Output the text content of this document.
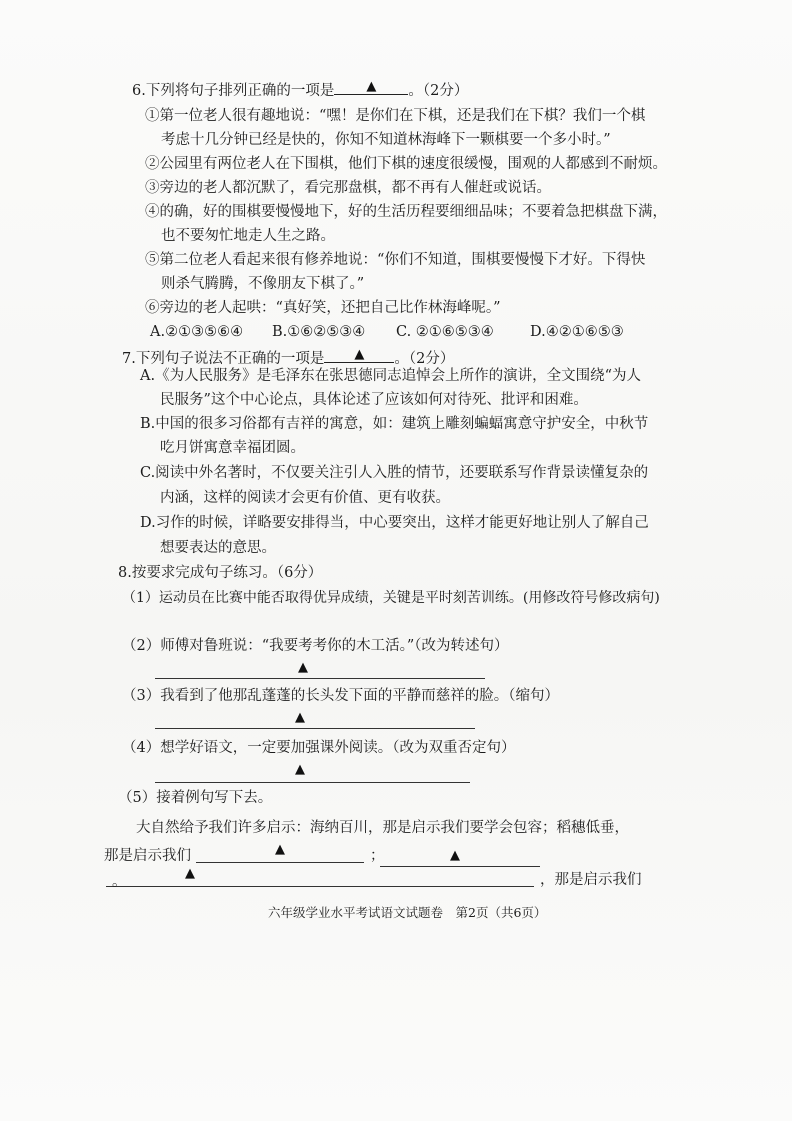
6.下列将句子排列正确的一项是 ▲ 。（2分）
①第一位老人很有趣地说：“嘿！是你们在下棋，还是我们在下棋？我们一个棋
考虑十几分钟已经是快的，你知不知道林海峰下一颗棋要一个多小时。”
②公园里有两位老人在下围棋，他们下棋的速度很缓慢，围观的人都感到不耐烦。
③旁边的老人都沉默了，看完那盘棋，都不再有人催赶或说话。
④的确，好的围棋要慢慢地下，好的生活历程要细细品味；不要着急把棋盘下满，
也不要匆忙地走人生之路。
⑤第二位老人看起来很有修养地说：“你们不知道，围棋要慢慢下才好。下得快
则杀气腾腾，不像朋友下棋了。”
⑥旁边的老人起哄：“真好笑，还把自己比作林海峰呢。”
A.②①③⑤⑥④ B.①⑥②⑤③④ C. ②①⑥⑤③④ D.④②①⑥⑤③
7.下列句子说法不正确的一项是 ▲ 。（2分）
A.《为人民服务》是毛泽东在张思德同志追悼会上所作的演讲，全文围绕“为人
民服务”这个中心论点，具体论述了应该如何对待死、批评和困难。
B.中国的很多习俗都有吉祥的寓意，如：建筑上雕刻蝙蝠寓意守护安全，中秋节
吃月饼寓意幸福团圆。
C.阅读中外名著时，不仅要关注引人入胜的情节，还要联系写作背景读懂复杂的
内涵，这样的阅读才会更有价值、更有收获。
D.习作的时候，详略要安排得当，中心要突出，这样才能更好地让别人了解自己
想要表达的意思。
8.按要求完成句子练习。（6分）
（1）运动员在比赛中能否取得优异成绩，关键是平时刻苦训练。(用修改符号修改病句)
（2）师傅对鲁班说：“我要考考你的木工活。”（改为转述句）
▲
（3）我看到了他那乱蓬蓬的长头发下面的平静而慈祥的脸。（缩句）
▲
（4）想学好语文，一定要加强课外阅读。（改为双重否定句）
▲
（5）接着例句写下去。
大自然给予我们许多启示：海纳百川，那是启示我们要学会包容；稻穗低垂，
那是启示我们	▲	；	▲
▲
。	，那是启示我们
六年级学业水平考试语文试题卷　第2页（共6页）
